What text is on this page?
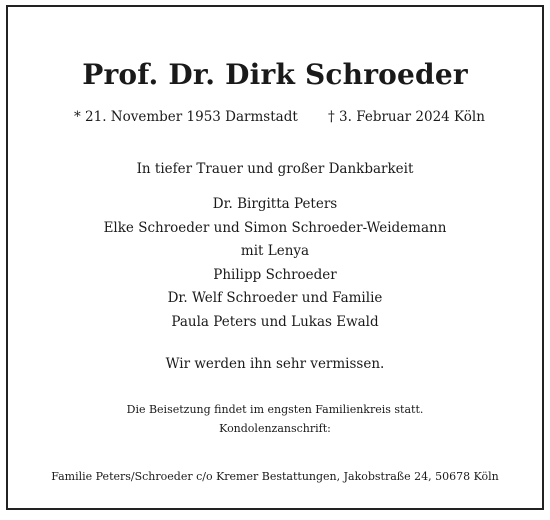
Prof. Dr. Dirk Schroeder
* 21. November 1953 Darmstadt † 3. Februar 2024 Köln
In tiefer Trauer und großer Dankbarkeit
Dr. Birgitta Peters
Elke Schroeder und Simon Schroeder-Weidemann
mit Lenya
Philipp Schroeder
Dr. Welf Schroeder und Familie
Paula Peters und Lukas Ewald
Wir werden ihn sehr vermissen.
Die Beisetzung findet im engsten Familienkreis statt.
Kondolenzanschrift:
Familie Peters/Schroeder c/o Kremer Bestattungen, Jakobstraße 24, 50678 Köln
